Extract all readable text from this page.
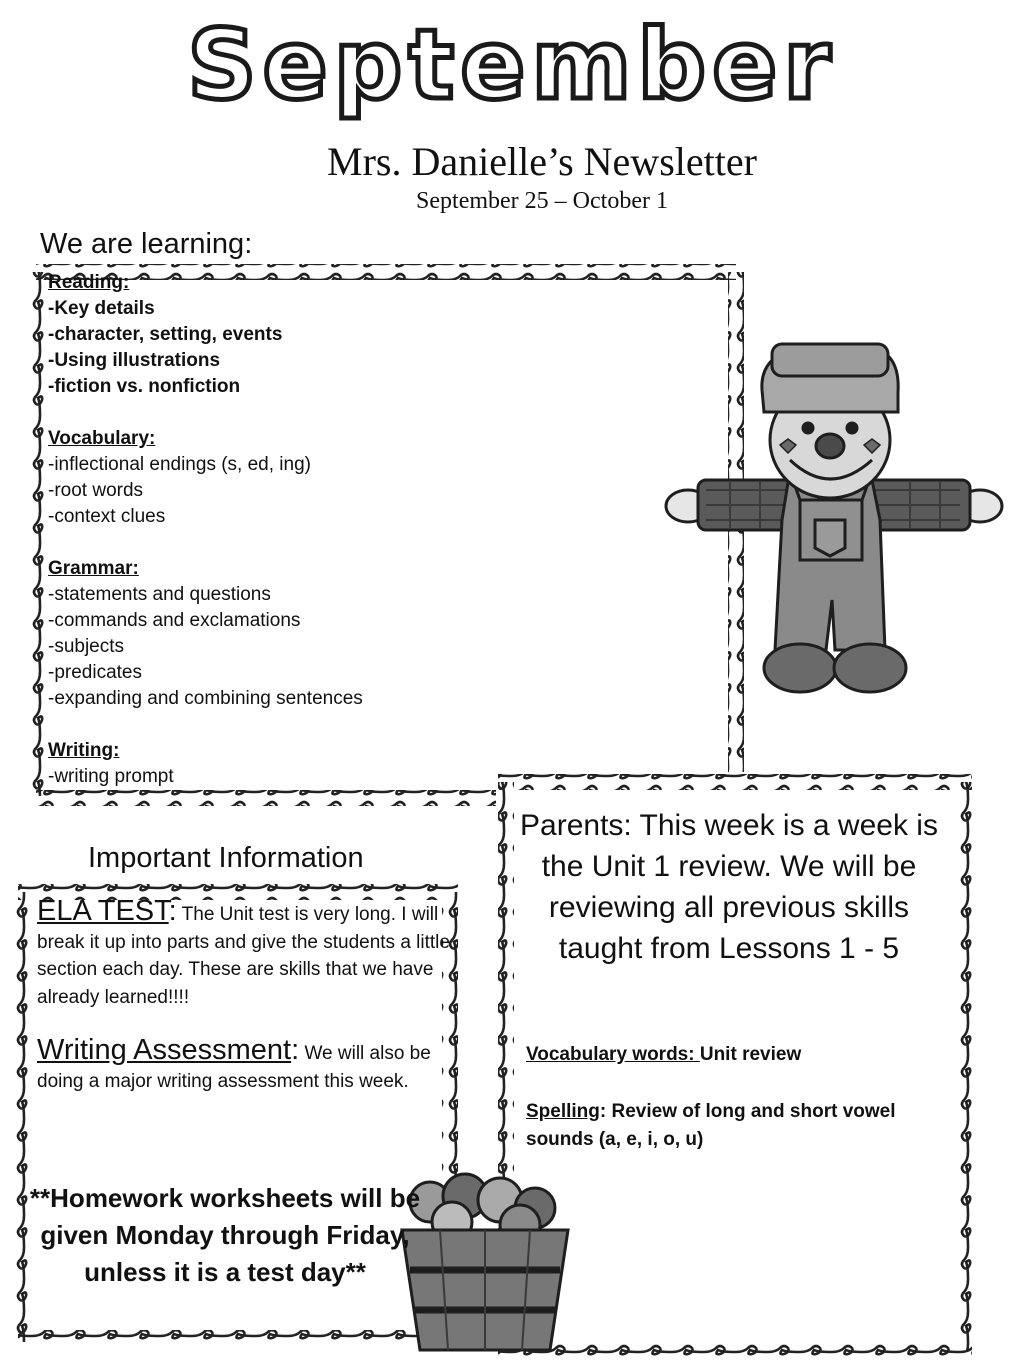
September
Mrs. Danielle’s Newsletter
September 25 – October 1
We are learning:
Reading:
-Key details
-character, setting, events
-Using illustrations
-fiction vs. nonfiction
Vocabulary:
-inflectional endings (s, ed, ing)
-root words
-context clues
Grammar:
-statements and questions
-commands and exclamations
-subjects
-predicates
-expanding and combining sentences
Writing:
-writing prompt
Important Information
ELA TEST: The Unit test is very long. I will break it up into parts and give the students a little section each day. These are skills that we have already learned!!!!
Writing Assessment: We will also be doing a major writing assessment this week.
**Homework worksheets will be given Monday through Friday, unless it is a test day**
Parents: This week is a week is the Unit 1 review. We will be reviewing all previous skills taught from Lessons 1 - 5
Vocabulary words: Unit review
Spelling: Review of long and short vowel sounds (a, e, i, o, u)
